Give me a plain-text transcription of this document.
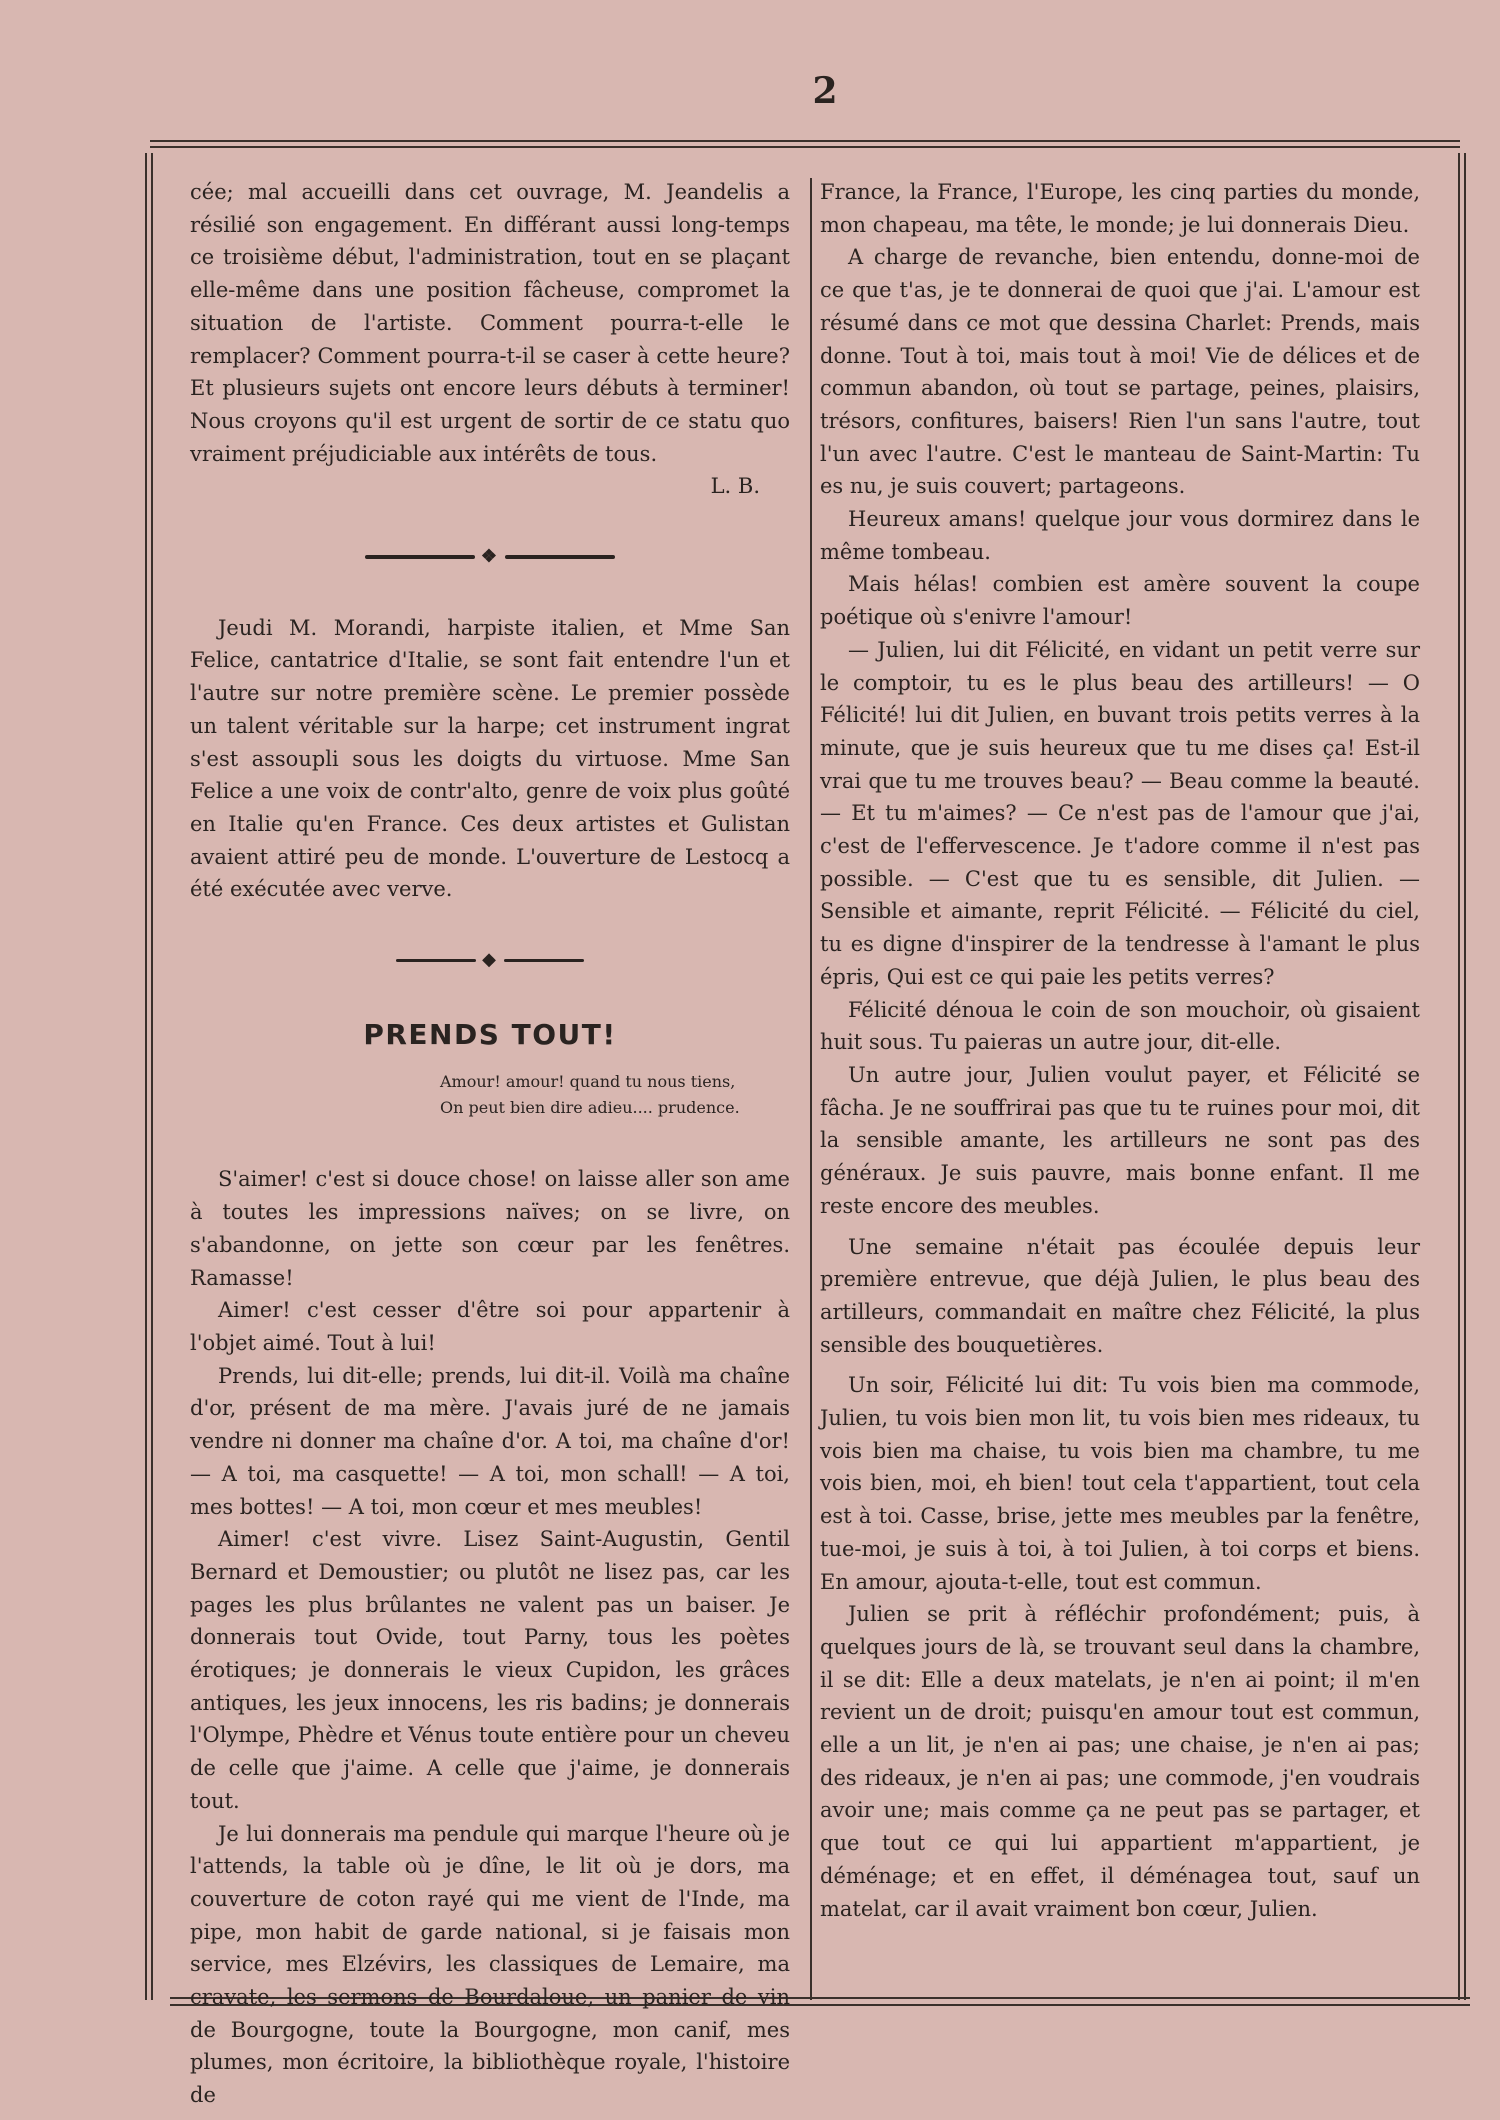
2

cée; mal accueilli dans cet ouvrage, M. Jeandelis a résilié son engagement. En différant aussi long-temps ce troisième début, l'administration, tout en se plaçant elle-même dans une position fâcheuse, compromet la situation de l'artiste. Comment pourra-t-elle le remplacer? Comment pourra-t-il se caser à cette heure? Et plusieurs sujets ont encore leurs débuts à terminer! Nous croyons qu'il est urgent de sortir de ce statu quo vraiment préjudiciable aux intérêts de tous.

L. B.

❖

Jeudi M. Morandi, harpiste italien, et Mme San Felice, cantatrice d'Italie, se sont fait entendre l'un et l'autre sur notre première scène. Le premier possède un talent véritable sur la harpe; cet instrument ingrat s'est assoupli sous les doigts du virtuose. Mme San Felice a une voix de contr'alto, genre de voix plus goûté en Italie qu'en France. Ces deux artistes et Gulistan avaient attiré peu de monde. L'ouverture de Lestocq a été exécutée avec verve.

◆
PRENDS TOUT!
Amour! amour! quand tu nous tiens,
On peut bien dire adieu.... prudence.

S'aimer! c'est si douce chose! on laisse aller son ame à toutes les impressions naïves; on se livre, on s'abandonne, on jette son cœur par les fenêtres. Ramasse!

Aimer! c'est cesser d'être soi pour appartenir à l'objet aimé. Tout à lui!

Prends, lui dit-elle; prends, lui dit-il. Voilà ma chaîne d'or, présent de ma mère. J'avais juré de ne jamais vendre ni donner ma chaîne d'or. A toi, ma chaîne d'or! — A toi, ma casquette! — A toi, mon schall! — A toi, mes bottes! — A toi, mon cœur et mes meubles!

Aimer! c'est vivre. Lisez Saint-Augustin, Gentil Bernard et Demoustier; ou plutôt ne lisez pas, car les pages les plus brûlantes ne valent pas un baiser. Je donnerais tout Ovide, tout Parny, tous les poètes érotiques; je donnerais le vieux Cupidon, les grâces antiques, les jeux innocens, les ris badins; je donnerais l'Olympe, Phèdre et Vénus toute entière pour un cheveu de celle que j'aime. A celle que j'aime, je donnerais tout.

Je lui donnerais ma pendule qui marque l'heure où je l'attends, la table où je dîne, le lit où je dors, ma couverture de coton rayé qui me vient de l'Inde, ma pipe, mon habit de garde national, si je faisais mon service, mes Elzévirs, les classiques de Lemaire, ma cravate, les sermons de Bourdaloue, un panier de vin de Bourgogne, toute la Bourgogne, mon canif, mes plumes, mon écritoire, la bibliothèque royale, l'histoire de

France, la France, l'Europe, les cinq parties du monde, mon chapeau, ma tête, le monde; je lui donnerais Dieu.

A charge de revanche, bien entendu, donne-moi de ce que t'as, je te donnerai de quoi que j'ai. L'amour est résumé dans ce mot que dessina Charlet: Prends, mais donne. Tout à toi, mais tout à moi! Vie de délices et de commun abandon, où tout se partage, peines, plaisirs, trésors, confitures, baisers! Rien l'un sans l'autre, tout l'un avec l'autre. C'est le manteau de Saint-Martin: Tu es nu, je suis couvert; partageons.

Heureux amans! quelque jour vous dormirez dans le même tombeau.

Mais hélas! combien est amère souvent la coupe poétique où s'enivre l'amour!

— Julien, lui dit Félicité, en vidant un petit verre sur le comptoir, tu es le plus beau des artilleurs! — O Félicité! lui dit Julien, en buvant trois petits verres à la minute, que je suis heureux que tu me dises ça! Est-il vrai que tu me trouves beau? — Beau comme la beauté. — Et tu m'aimes? — Ce n'est pas de l'amour que j'ai, c'est de l'effervescence. Je t'adore comme il n'est pas possible. — C'est que tu es sensible, dit Julien. — Sensible et aimante, reprit Félicité. — Félicité du ciel, tu es digne d'inspirer de la tendresse à l'amant le plus épris, Qui est ce qui paie les petits verres?

Félicité dénoua le coin de son mouchoir, où gisaient huit sous. Tu paieras un autre jour, dit-elle.

Un autre jour, Julien voulut payer, et Félicité se fâcha. Je ne souffrirai pas que tu te ruines pour moi, dit la sensible amante, les artilleurs ne sont pas des généraux. Je suis pauvre, mais bonne enfant. Il me reste encore des meubles.

Une semaine n'était pas écoulée depuis leur première entrevue, que déjà Julien, le plus beau des artilleurs, commandait en maître chez Félicité, la plus sensible des bouquetières.

Un soir, Félicité lui dit: Tu vois bien ma commode, Julien, tu vois bien mon lit, tu vois bien mes rideaux, tu vois bien ma chaise, tu vois bien ma chambre, tu me vois bien, moi, eh bien! tout cela t'appartient, tout cela est à toi. Casse, brise, jette mes meubles par la fenêtre, tue-moi, je suis à toi, à toi Julien, à toi corps et biens. En amour, ajouta-t-elle, tout est commun.

Julien se prit à réfléchir profondément; puis, à quelques jours de là, se trouvant seul dans la chambre, il se dit: Elle a deux matelats, je n'en ai point; il m'en revient un de droit; puisqu'en amour tout est commun, elle a un lit, je n'en ai pas; une chaise, je n'en ai pas; des rideaux, je n'en ai pas; une commode, j'en voudrais avoir une; mais comme ça ne peut pas se partager, et que tout ce qui lui appartient m'appartient, je déménage; et en effet, il déménagea tout, sauf un matelat, car il avait vraiment bon cœur, Julien.
